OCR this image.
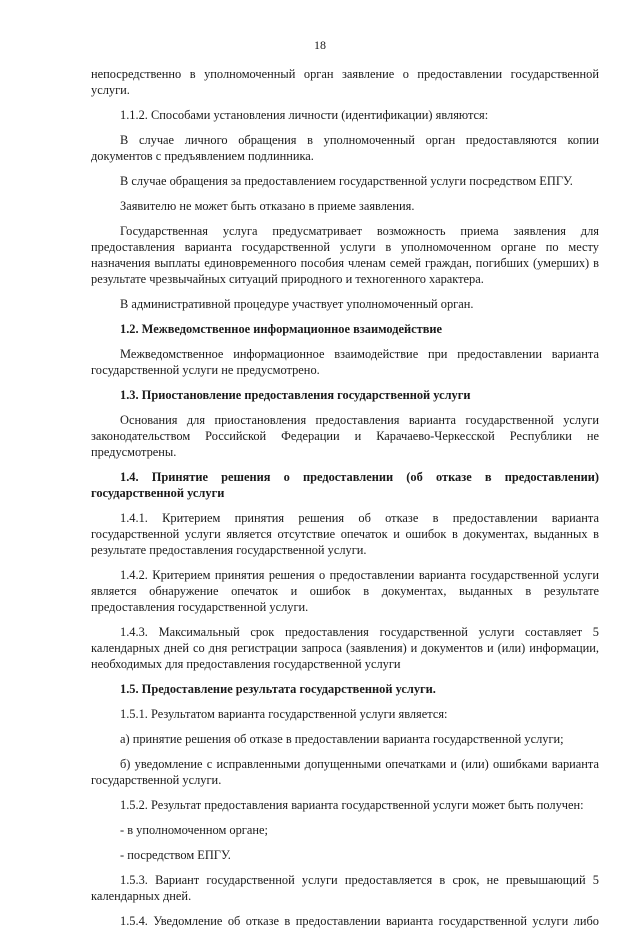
18

непосредственно в уполномоченный орган заявление о предоставлении государственной услуги.

1.1.2. Способами установления личности (идентификации) являются:

В случае личного обращения в уполномоченный орган предоставляются копии документов с предъявлением подлинника.

В случае обращения за предоставлением государственной услуги посредством ЕПГУ.

Заявителю не может быть отказано в приеме заявления.

Государственная услуга предусматривает возможность приема заявления для предоставления варианта государственной услуги в уполномоченном органе по месту назначения выплаты единовременного пособия членам семей граждан, погибших (умерших) в результате чрезвычайных ситуаций природного и техногенного характера.

В административной процедуре участвует уполномоченный орган.

1.2. Межведомственное информационное взаимодействие

Межведомственное информационное взаимодействие при предоставлении варианта государственной услуги не предусмотрено.

1.3. Приостановление предоставления государственной услуги

Основания для приостановления предоставления варианта государственной услуги законодательством Российской Федерации и Карачаево-Черкесской Республики не предусмотрены.

1.4. Принятие решения о предоставлении (об отказе в предоставлении) государственной услуги

1.4.1. Критерием принятия решения об отказе в предоставлении варианта государственной услуги является отсутствие опечаток и ошибок в документах, выданных в результате предоставления государственной услуги.

1.4.2. Критерием принятия решения о предоставлении варианта государственной услуги является обнаружение опечаток и ошибок в документах, выданных в результате предоставления государственной услуги.

1.4.3. Максимальный срок предоставления государственной услуги составляет 5 календарных дней со дня регистрации запроса (заявления) и документов и (или) информации, необходимых для предоставления государственной услуги

1.5. Предоставление результата государственной услуги.

1.5.1. Результатом варианта государственной услуги является:

а) принятие решения об отказе в предоставлении варианта государственной услуги;

б) уведомление с исправленными допущенными опечатками и (или) ошибками варианта государственной услуги.

1.5.2. Результат предоставления варианта государственной услуги может быть получен:

- в уполномоченном органе;

- посредством ЕПГУ.

1.5.3. Вариант государственной услуги предоставляется в срок, не превышающий 5 календарных дней.

1.5.4. Уведомление об отказе в предоставлении варианта государственной услуги либо
